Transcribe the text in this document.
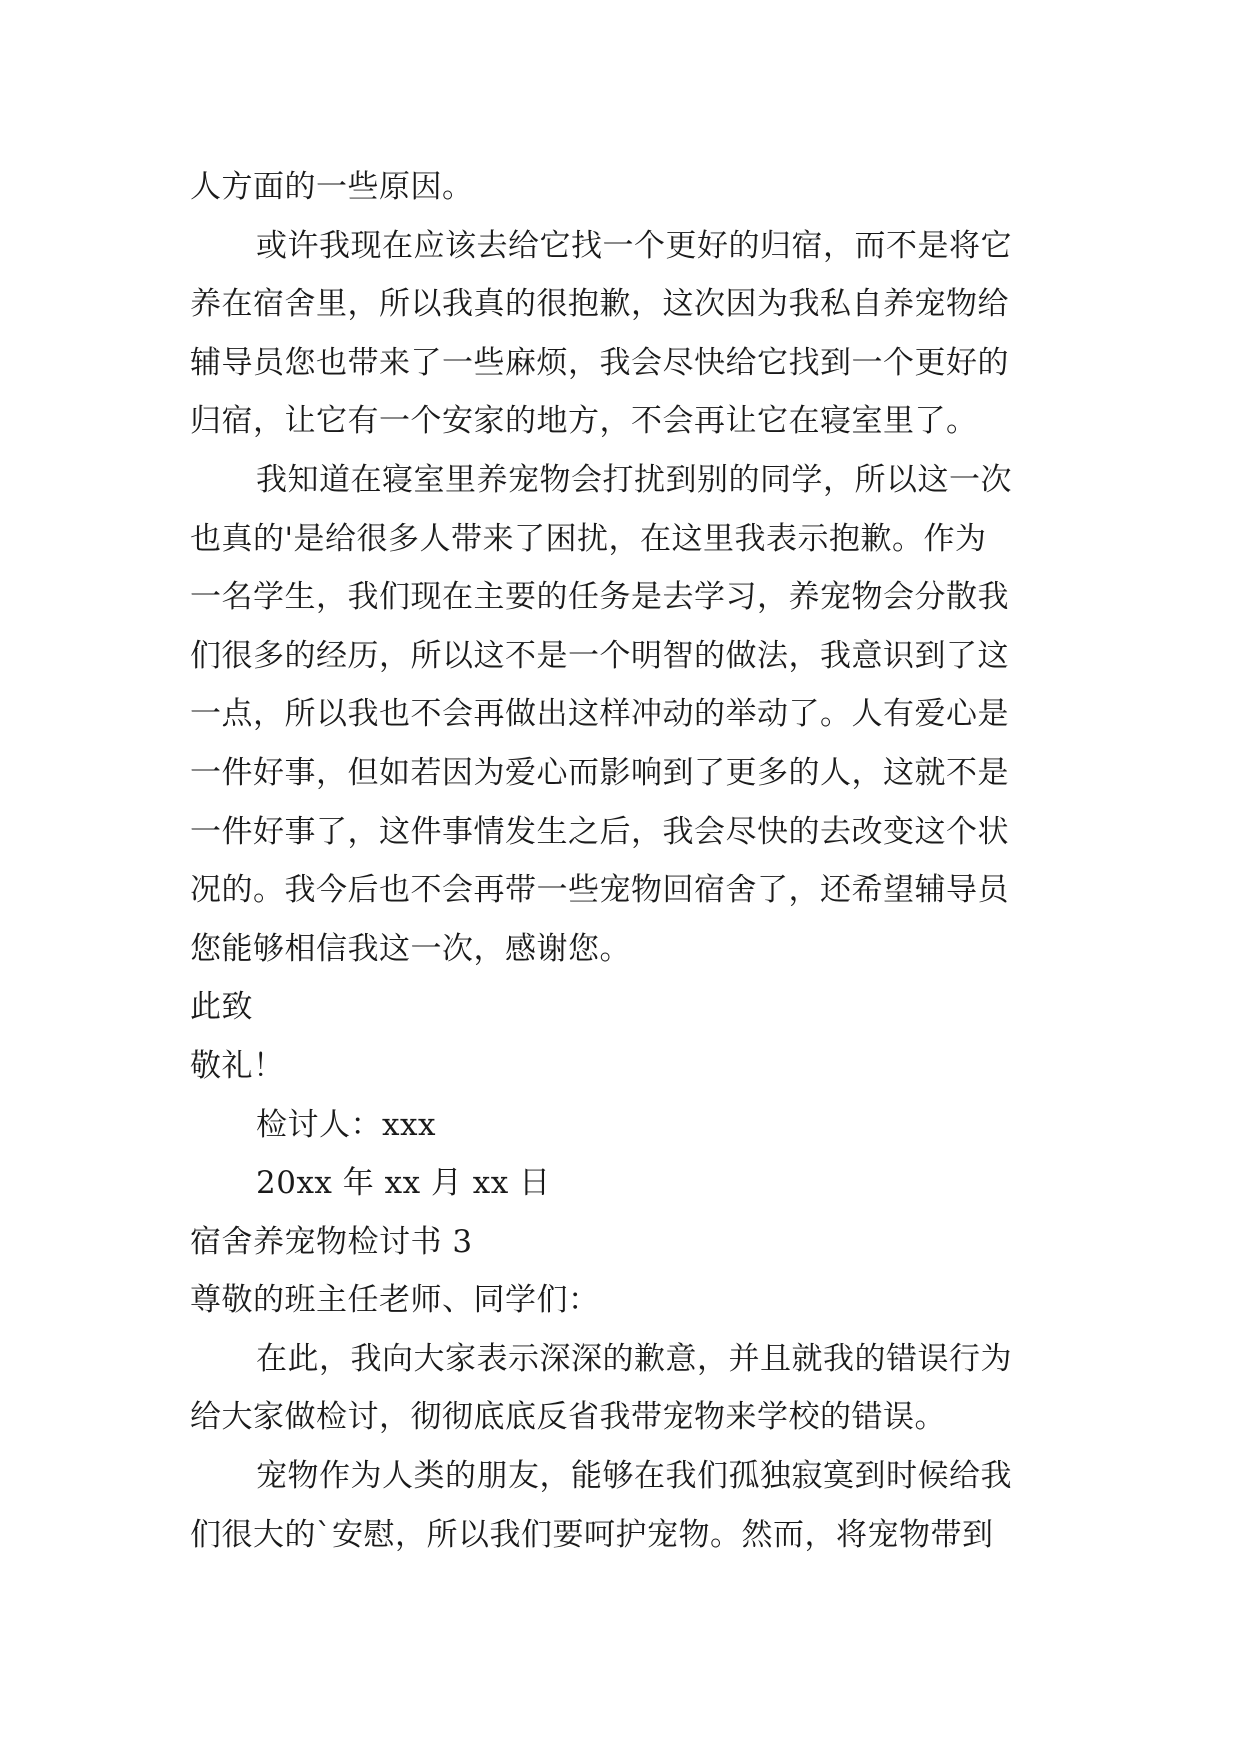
人方面的一些原因。
或许我现在应该去给它找一个更好的归宿，而不是将它
养在宿舍里，所以我真的很抱歉，这次因为我私自养宠物给
辅导员您也带来了一些麻烦，我会尽快给它找到一个更好的
归宿，让它有一个安家的地方，不会再让它在寝室里了。
我知道在寝室里养宠物会打扰到别的同学，所以这一次
也真的'是给很多人带来了困扰，在这里我表示抱歉。作为
一名学生，我们现在主要的任务是去学习，养宠物会分散我
们很多的经历，所以这不是一个明智的做法，我意识到了这
一点，所以我也不会再做出这样冲动的举动了。人有爱心是
一件好事，但如若因为爱心而影响到了更多的人，这就不是
一件好事了，这件事情发生之后，我会尽快的去改变这个状
况的。我今后也不会再带一些宠物回宿舍了，还希望辅导员
您能够相信我这一次，感谢您。
此致
敬礼！
检讨人：xxx
20xx 年 xx 月 xx 日
宿舍养宠物检讨书 3
尊敬的班主任老师、同学们：
在此，我向大家表示深深的歉意，并且就我的错误行为
给大家做检讨，彻彻底底反省我带宠物来学校的错误。
宠物作为人类的朋友，能够在我们孤独寂寞到时候给我
们很大的`安慰，所以我们要呵护宠物。然而，将宠物带到
